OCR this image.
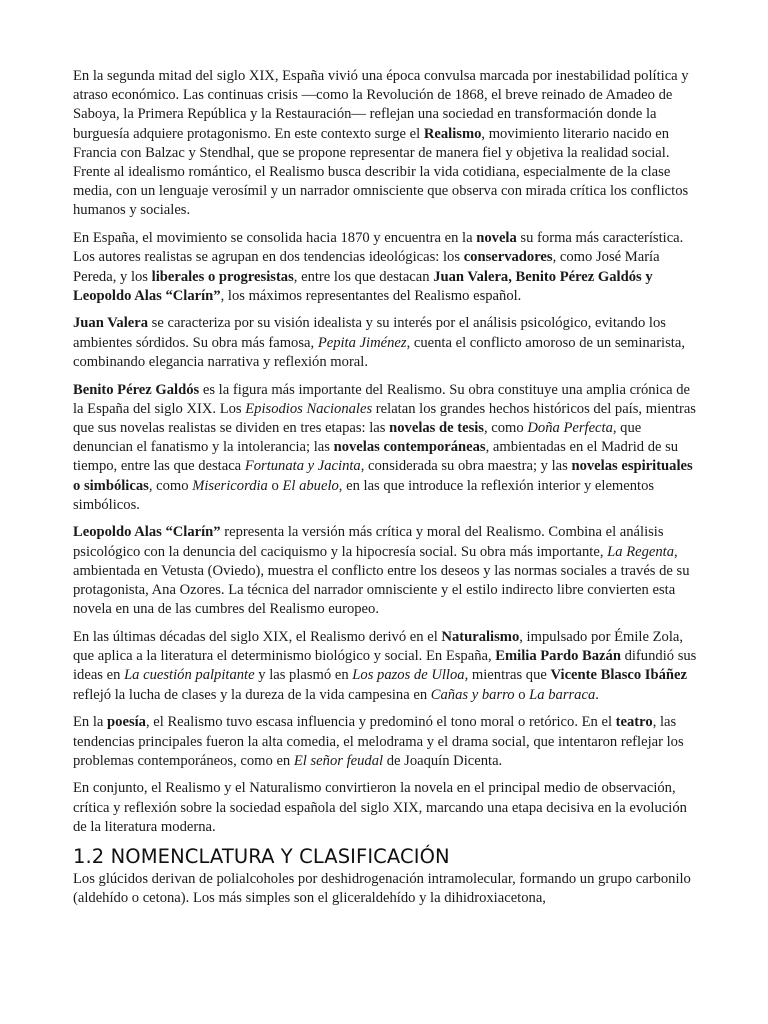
En la segunda mitad del siglo XIX, España vivió una época convulsa marcada por inestabilidad política y atraso económico. Las continuas crisis —como la Revolución de 1868, el breve reinado de Amadeo de Saboya, la Primera República y la Restauración— reflejan una sociedad en transformación donde la burguesía adquiere protagonismo. En este contexto surge el Realismo, movimiento literario nacido en Francia con Balzac y Stendhal, que se propone representar de manera fiel y objetiva la realidad social. Frente al idealismo romántico, el Realismo busca describir la vida cotidiana, especialmente de la clase media, con un lenguaje verosímil y un narrador omnisciente que observa con mirada crítica los conflictos humanos y sociales.

En España, el movimiento se consolida hacia 1870 y encuentra en la novela su forma más característica. Los autores realistas se agrupan en dos tendencias ideológicas: los conservadores, como José María Pereda, y los liberales o progresistas, entre los que destacan Juan Valera, Benito Pérez Galdós y Leopoldo Alas “Clarín”, los máximos representantes del Realismo español.

Juan Valera se caracteriza por su visión idealista y su interés por el análisis psicológico, evitando los ambientes sórdidos. Su obra más famosa, Pepita Jiménez, cuenta el conflicto amoroso de un seminarista, combinando elegancia narrativa y reflexión moral.

Benito Pérez Galdós es la figura más importante del Realismo. Su obra constituye una amplia crónica de la España del siglo XIX. Los Episodios Nacionales relatan los grandes hechos históricos del país, mientras que sus novelas realistas se dividen en tres etapas: las novelas de tesis, como Doña Perfecta, que denuncian el fanatismo y la intolerancia; las novelas contemporáneas, ambientadas en el Madrid de su tiempo, entre las que destaca Fortunata y Jacinta, considerada su obra maestra; y las novelas espirituales o simbólicas, como Misericordia o El abuelo, en las que introduce la reflexión interior y elementos simbólicos.

Leopoldo Alas “Clarín” representa la versión más crítica y moral del Realismo. Combina el análisis psicológico con la denuncia del caciquismo y la hipocresía social. Su obra más importante, La Regenta, ambientada en Vetusta (Oviedo), muestra el conflicto entre los deseos y las normas sociales a través de su protagonista, Ana Ozores. La técnica del narrador omnisciente y el estilo indirecto libre convierten esta novela en una de las cumbres del Realismo europeo.

En las últimas décadas del siglo XIX, el Realismo derivó en el Naturalismo, impulsado por Émile Zola, que aplica a la literatura el determinismo biológico y social. En España, Emilia Pardo Bazán difundió sus ideas en La cuestión palpitante y las plasmó en Los pazos de Ulloa, mientras que Vicente Blasco Ibáñez reflejó la lucha de clases y la dureza de la vida campesina en Cañas y barro o La barraca.

En la poesía, el Realismo tuvo escasa influencia y predominó el tono moral o retórico. En el teatro, las tendencias principales fueron la alta comedia, el melodrama y el drama social, que intentaron reflejar los problemas contemporáneos, como en El señor feudal de Joaquín Dicenta.

En conjunto, el Realismo y el Naturalismo convirtieron la novela en el principal medio de observación, crítica y reflexión sobre la sociedad española del siglo XIX, marcando una etapa decisiva en la evolución de la literatura moderna.

1.2 NOMENCLATURA Y CLASIFICACIÓN

Los glúcidos derivan de polialcoholes por deshidrogenación intramolecular, formando un grupo carbonilo (aldehído o cetona). Los más simples son el gliceraldehído y la dihidroxiacetona,
